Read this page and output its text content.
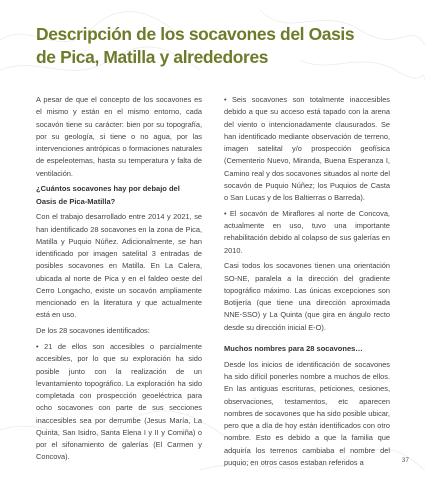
Descripción de los socavones del Oasis de Pica, Matilla y alrededores

A pesar de que el concepto de los socavones es el mismo y están en el mismo entorno, cada socavón tiene su carácter: bien por su topografía, por su geología, si tiene o no agua, por las intervenciones antrópicas o formaciones naturales de espeleotemas, hasta su temperatura y falta de ventilación.

¿Cuántos socavones hay por debajo del Oasis de Pica-Matilla?

Con el trabajo desarrollado entre 2014 y 2021, se han identificado 28 socavones en la zona de Pica, Matilla y Puquio Núñez. Adicionalmente, se han identificado por imagen satelital 3 entradas de posibles socavones en Matilla. En La Calera, ubicada al norte de Pica y en el faldeo oeste del Cerro Longacho, existe un socavón ampliamente mencionado en la literatura y que actualmente está en uso.

De los 28 socavones identificados:

• 21 de ellos son accesibles o parcialmente accesibles, por lo que su exploración ha sido posible junto con la realización de un levantamiento topográfico. La exploración ha sido completada con prospección geoeléctrica para ocho socavones con parte de sus secciones inaccesibles sea por derrumbe (Jesus María, La Quinta, San Isidro, Santa Elena I y II y Comiña) o por el sifonamiento de galerías (El Carmen y Concova).

• Seis socavones son totalmente inaccesibles debido a que su acceso está tapado con la arena del viento o intencionadamente clausurados. Se han identificado mediante observación de terreno, imagen satelital y/o prospección geofísica (Cementerio Nuevo, Miranda, Buena Esperanza I, Camino real y dos socavones situados al norte del socavón de Puquio Núñez; los Puquios de Casta o San Lucas y de los Baltierras o Barreda).

• El socavón de Miraflores al norte de Concova, actualmente en uso, tuvo una importante rehabilitación debido al colapso de sus galerías en 2010.

Casi todos los socavones tienen una orientación SO-NE, paralela a la dirección del gradiente topográfico máximo. Las únicas excepciones son Botijería (que tiene una dirección aproximada NNE-SSO) y La Quinta (que gira en ángulo recto desde su dirección inicial E-O).

Muchos nombres para 28 socavones…

Desde los inicios de identificación de socavones ha sido difícil ponerles nombre a muchos de ellos. En las antiguas escrituras, peticiones, cesiones, observaciones, testamentos, etc aparecen nombres de socavones que ha sido posible ubicar, pero que a día de hoy están identificados con otro nombre. Esto es debido a que la familia que adquiría los terrenos cambiaba el nombre del puquio; en otros casos estaban referidos a	37
